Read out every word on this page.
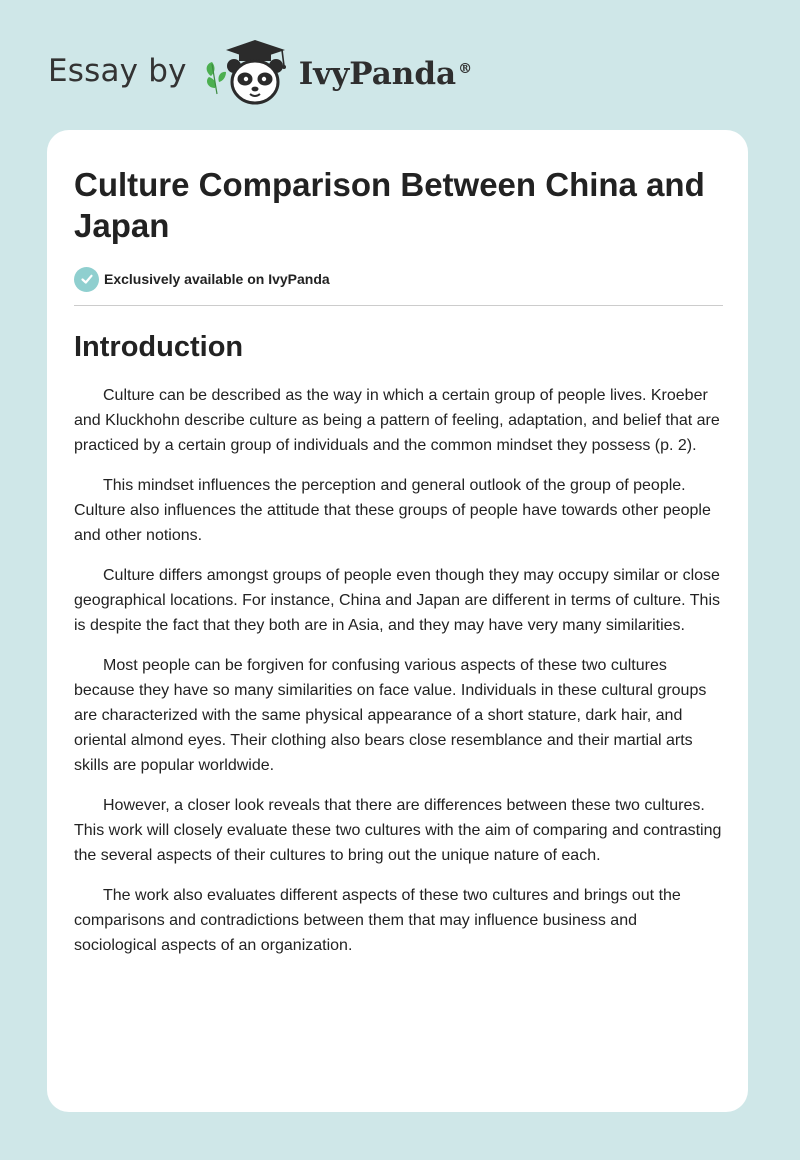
Essay by	IvyPanda ®
Culture Comparison Between China and Japan
Exclusively available on IvyPanda
Introduction

Culture can be described as the way in which a certain group of people lives. Kroeber and Kluckhohn describe culture as being a pattern of feeling, adaptation, and belief that are practiced by a certain group of individuals and the common mindset they possess (p. 2).

This mindset influences the perception and general outlook of the group of people. Culture also influences the attitude that these groups of people have towards other people and other notions.

Culture differs amongst groups of people even though they may occupy similar or close geographical locations. For instance, China and Japan are different in terms of culture. This is despite the fact that they both are in Asia, and they may have very many similarities.

Most people can be forgiven for confusing various aspects of these two cultures because they have so many similarities on face value. Individuals in these cultural groups are characterized with the same physical appearance of a short stature, dark hair, and oriental almond eyes. Their clothing also bears close resemblance and their martial arts skills are popular worldwide.

However, a closer look reveals that there are differences between these two cultures. This work will closely evaluate these two cultures with the aim of comparing and contrasting the several aspects of their cultures to bring out the unique nature of each.

The work also evaluates different aspects of these two cultures and brings out the comparisons and contradictions between them that may influence business and sociological aspects of an organization.
